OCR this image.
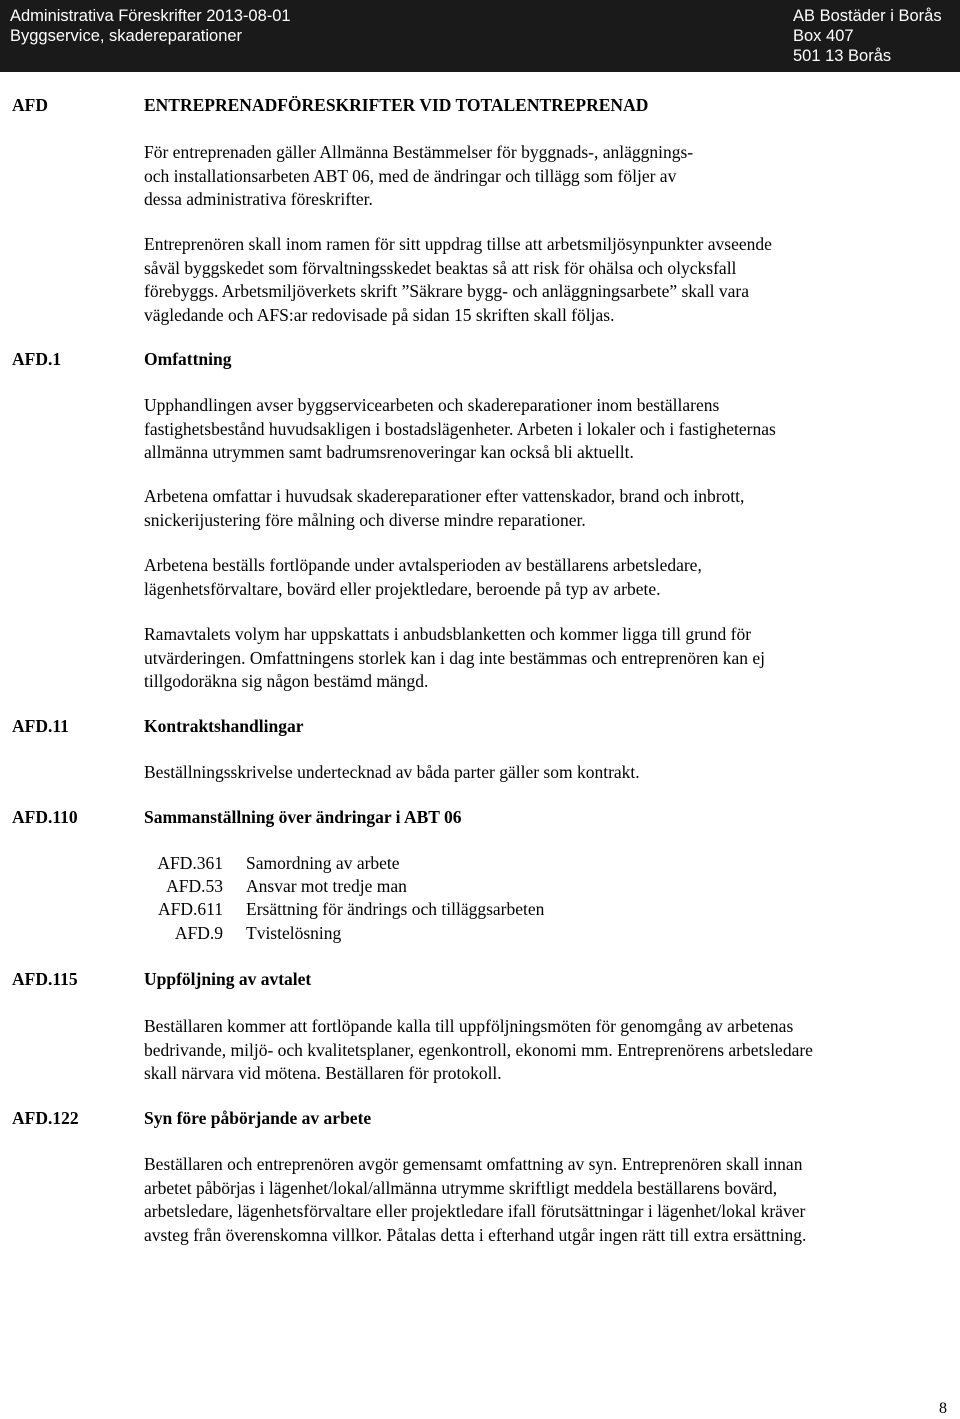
Administrativa Föreskrifter 2013-08-01
Byggservice, skadereparationer
AB Bostäder i Borås
Box 407
501 13 Borås
AFD	ENTREPRENADFÖRESKRIFTER VID TOTALENTREPRENAD
För entreprenaden gäller Allmänna Bestämmelser för byggnads-, anläggnings-
och installationsarbeten ABT 06, med de ändringar och tillägg som följer av
dessa administrativa föreskrifter.
Entreprenören skall inom ramen för sitt uppdrag tillse att arbetsmiljösynpunkter avseende
såväl byggskedet som förvaltningsskedet beaktas så att risk för ohälsa och olycksfall
förebyggs. Arbetsmiljöverkets skrift ”Säkrare bygg- och anläggningsarbete” skall vara
vägledande och AFS:ar redovisade på sidan 15 skriften skall följas.
AFD.1	Omfattning
Upphandlingen avser byggservicearbeten och skadereparationer inom beställarens
fastighetsbestånd huvudsakligen i bostadslägenheter. Arbeten i lokaler och i fastigheternas
allmänna utrymmen samt badrumsrenoveringar kan också bli aktuellt.
Arbetena omfattar i huvudsak skadereparationer efter vattenskador, brand och inbrott,
snickerijustering före målning och diverse mindre reparationer.
Arbetena beställs fortlöpande under avtalsperioden av beställarens arbetsledare,
lägenhetsförvaltare, bovärd eller projektledare, beroende på typ av arbete.
Ramavtalets volym har uppskattats i anbudsblanketten och kommer ligga till grund för
utvärderingen. Omfattningens storlek kan i dag inte bestämmas och entreprenören kan ej
tillgodoräkna sig någon bestämd mängd.
AFD.11	Kontraktshandlingar
Beställningsskrivelse undertecknad av båda parter gäller som kontrakt.
AFD.110	Sammanställning över ändringar i ABT 06
AFD.361 Samordning av arbete
AFD.53 Ansvar mot tredje man
AFD.611 Ersättning för ändrings och tilläggsarbeten
AFD.9 Tvistelösning
AFD.115	Uppföljning av avtalet
Beställaren kommer att fortlöpande kalla till uppföljningsmöten för genomgång av arbetenas
bedrivande, miljö- och kvalitetsplaner, egenkontroll, ekonomi mm. Entreprenörens arbetsledare
skall närvara vid mötena. Beställaren för protokoll.
AFD.122	Syn före påbörjande av arbete
Beställaren och entreprenören avgör gemensamt omfattning av syn. Entreprenören skall innan
arbetet påbörjas i lägenhet/lokal/allmänna utrymme skriftligt meddela beställarens bovärd,
arbetsledare, lägenhetsförvaltare eller projektledare ifall förutsättningar i lägenhet/lokal kräver
avsteg från överenskomna villkor. Påtalas detta i efterhand utgår ingen rätt till extra ersättning.
8
